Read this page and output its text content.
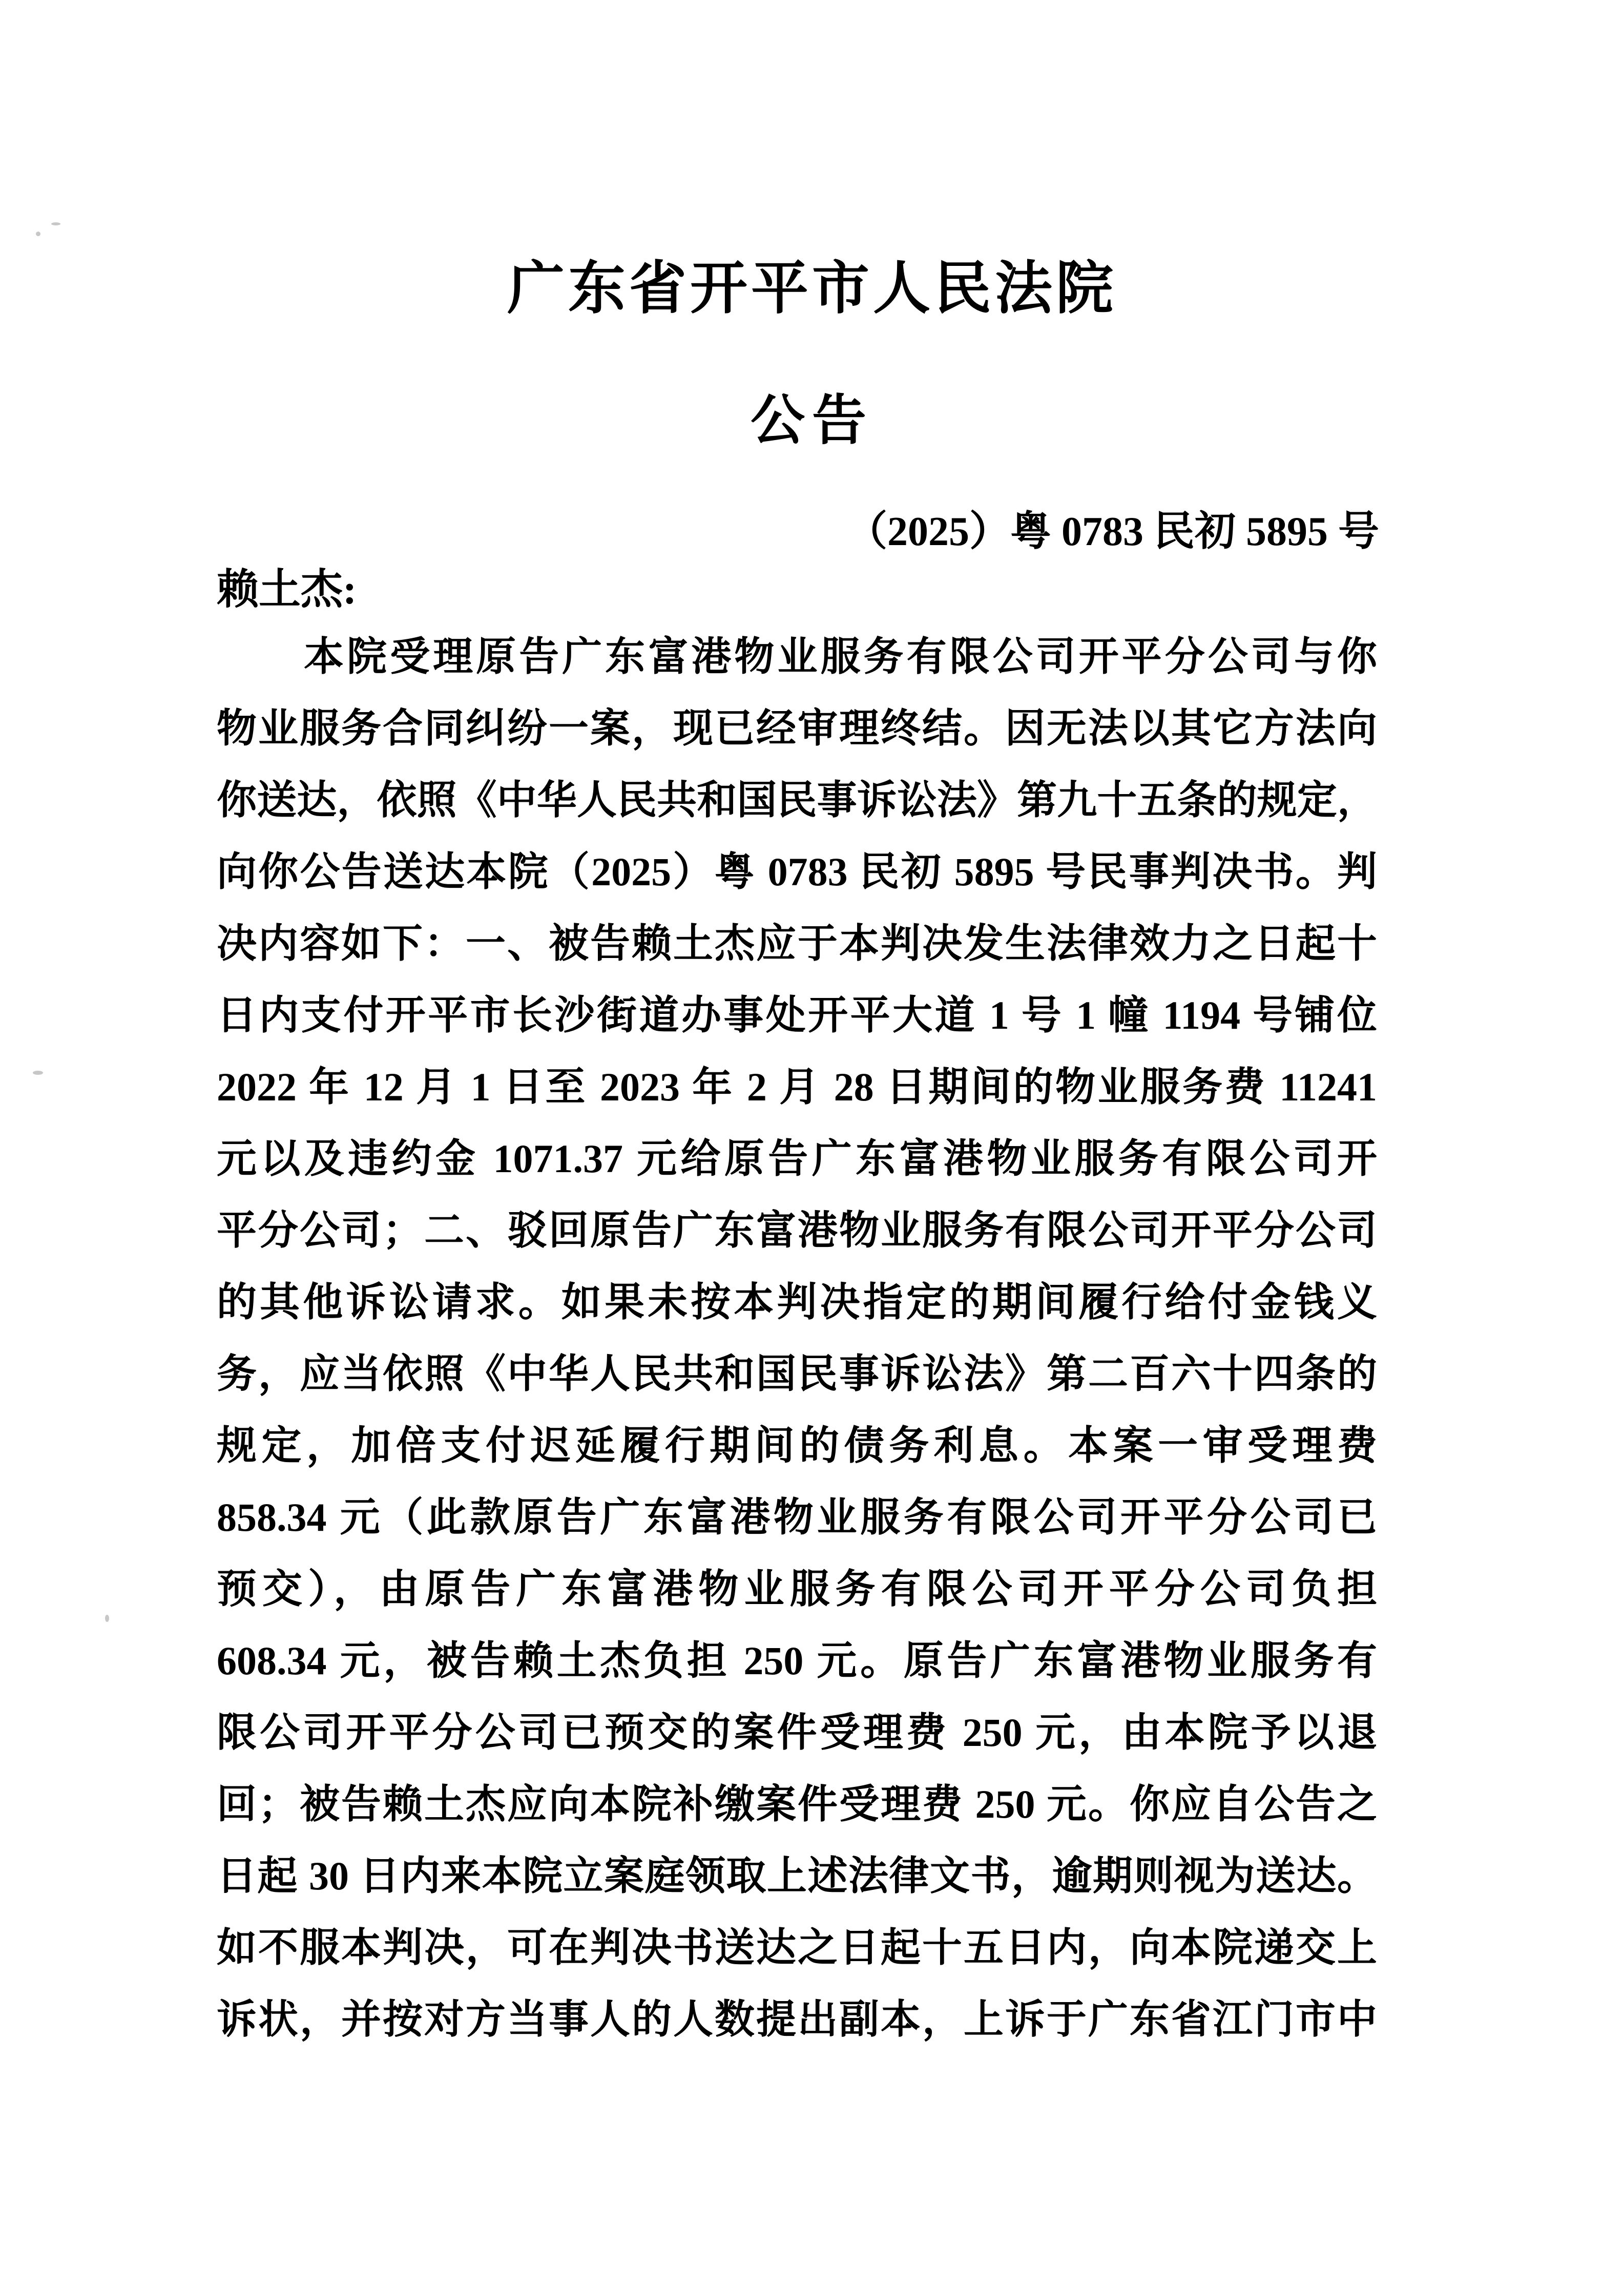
广东省开平市人民法院
公告
（2025）粤 0783 民初 5895 号
赖土杰:
本院受理原告广东富港物业服务有限公司开平分公司与你
物业服务合同纠纷一案，现已经审理终结。因无法以其它方法向
你送达，依照《中华人民共和国民事诉讼法》第九十五条的规定，
向你公告送达本院（2025）粤 0783 民初 5895 号民事判决书。判
决内容如下：一、被告赖土杰应于本判决发生法律效力之日起十
日内支付开平市长沙街道办事处开平大道 1 号 1 幢 1194 号铺位
2022 年 12 月 1 日至 2023 年 2 月 28 日期间的物业服务费 11241
元以及违约金 1071.37 元给原告广东富港物业服务有限公司开
平分公司；二、驳回原告广东富港物业服务有限公司开平分公司
的其他诉讼请求。如果未按本判决指定的期间履行给付金钱义
务，应当依照《中华人民共和国民事诉讼法》第二百六十四条的
规定，加倍支付迟延履行期间的债务利息。本案一审受理费
858.34 元（此款原告广东富港物业服务有限公司开平分公司已
预交），由原告广东富港物业服务有限公司开平分公司负担
608.34 元，被告赖土杰负担 250 元。原告广东富港物业服务有
限公司开平分公司已预交的案件受理费 250 元，由本院予以退
回；被告赖土杰应向本院补缴案件受理费 250 元。你应自公告之
日起 30 日内来本院立案庭领取上述法律文书，逾期则视为送达。
如不服本判决，可在判决书送达之日起十五日内，向本院递交上
诉状，并按对方当事人的人数提出副本，上诉于广东省江门市中
